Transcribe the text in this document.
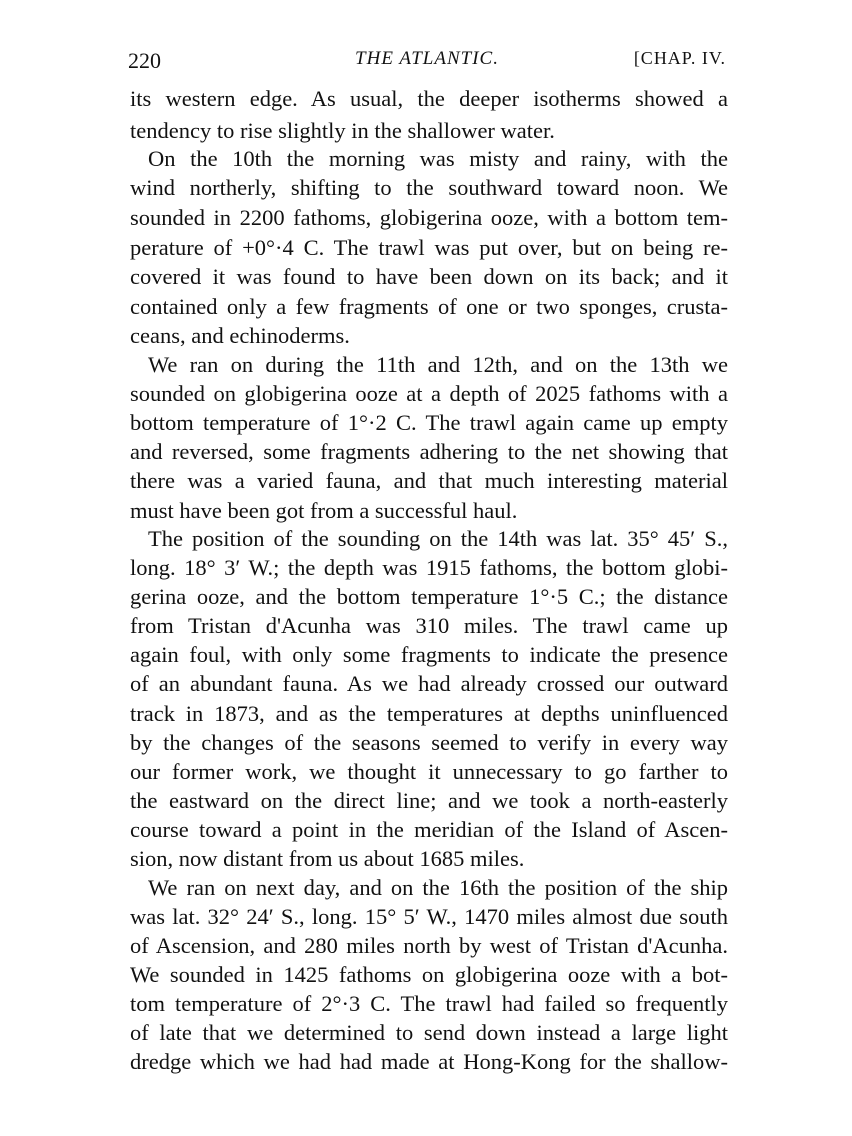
220	THE ATLANTIC.	[CHAP. IV.
its western edge. As usual, the deeper isotherms showed a
tendency to rise slightly in the shallower water.
On the 10th the morning was misty and rainy, with the
wind northerly, shifting to the southward toward noon. We
sounded in 2200 fathoms, globigerina ooze, with a bottom tem-
perature of +0°·4 C. The trawl was put over, but on being re-
covered it was found to have been down on its back; and it
contained only a few fragments of one or two sponges, crusta-
ceans, and echinoderms.
We ran on during the 11th and 12th, and on the 13th we
sounded on globigerina ooze at a depth of 2025 fathoms with a
bottom temperature of 1°·2 C. The trawl again came up empty
and reversed, some fragments adhering to the net showing that
there was a varied fauna, and that much interesting material
must have been got from a successful haul.
The position of the sounding on the 14th was lat. 35° 45′ S.,
long. 18° 3′ W.; the depth was 1915 fathoms, the bottom globi-
gerina ooze, and the bottom temperature 1°·5 C.; the distance
from Tristan d'Acunha was 310 miles. The trawl came up
again foul, with only some fragments to indicate the presence
of an abundant fauna. As we had already crossed our outward
track in 1873, and as the temperatures at depths uninfluenced
by the changes of the seasons seemed to verify in every way
our former work, we thought it unnecessary to go farther to
the eastward on the direct line; and we took a north-easterly
course toward a point in the meridian of the Island of Ascen-
sion, now distant from us about 1685 miles.
We ran on next day, and on the 16th the position of the ship
was lat. 32° 24′ S., long. 15° 5′ W., 1470 miles almost due south
of Ascension, and 280 miles north by west of Tristan d'Acunha.
We sounded in 1425 fathoms on globigerina ooze with a bot-
tom temperature of 2°·3 C. The trawl had failed so frequently
of late that we determined to send down instead a large light
dredge which we had had made at Hong-Kong for the shallow-
